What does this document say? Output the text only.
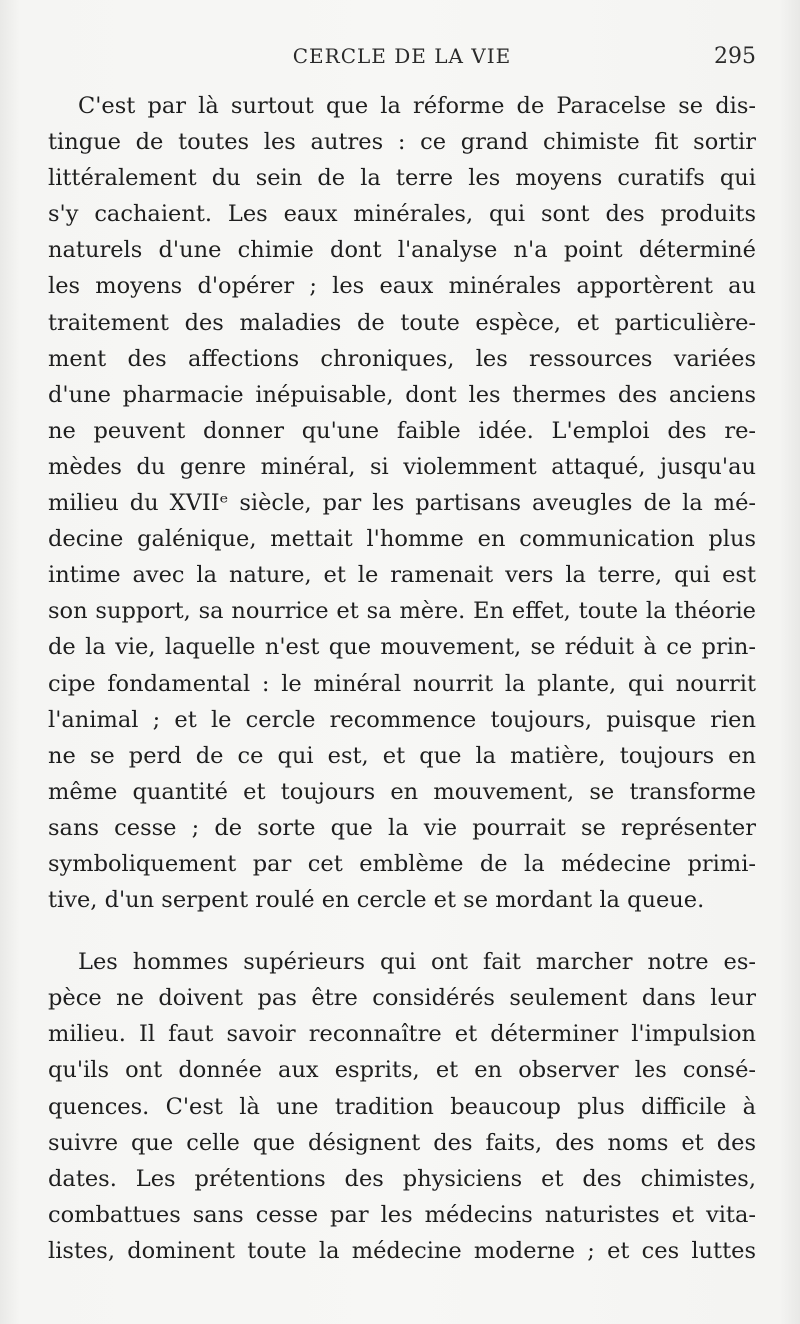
CERCLE DE LA VIE	295
C'est par là surtout que la réforme de Paracelse se dis-
tingue de toutes les autres : ce grand chimiste fit sortir
littéralement du sein de la terre les moyens curatifs qui
s'y cachaient. Les eaux minérales, qui sont des produits
naturels d'une chimie dont l'analyse n'a point déterminé
les moyens d'opérer ; les eaux minérales apportèrent au
traitement des maladies de toute espèce, et particulière-
ment des affections chroniques, les ressources variées
d'une pharmacie inépuisable, dont les thermes des anciens
ne peuvent donner qu'une faible idée. L'emploi des re-
mèdes du genre minéral, si violemment attaqué, jusqu'au
milieu du XVIIᵉ siècle, par les partisans aveugles de la mé-
decine galénique, mettait l'homme en communication plus
intime avec la nature, et le ramenait vers la terre, qui est
son support, sa nourrice et sa mère. En effet, toute la théorie
de la vie, laquelle n'est que mouvement, se réduit à ce prin-
cipe fondamental : le minéral nourrit la plante, qui nourrit
l'animal ; et le cercle recommence toujours, puisque rien
ne se perd de ce qui est, et que la matière, toujours en
même quantité et toujours en mouvement, se transforme
sans cesse ; de sorte que la vie pourrait se représenter
symboliquement par cet emblème de la médecine primi-
tive, d'un serpent roulé en cercle et se mordant la queue.
Les hommes supérieurs qui ont fait marcher notre es-
pèce ne doivent pas être considérés seulement dans leur
milieu. Il faut savoir reconnaître et déterminer l'impulsion
qu'ils ont donnée aux esprits, et en observer les consé-
quences. C'est là une tradition beaucoup plus difficile à
suivre que celle que désignent des faits, des noms et des
dates. Les prétentions des physiciens et des chimistes,
combattues sans cesse par les médecins naturistes et vita-
listes, dominent toute la médecine moderne ; et ces luttes
